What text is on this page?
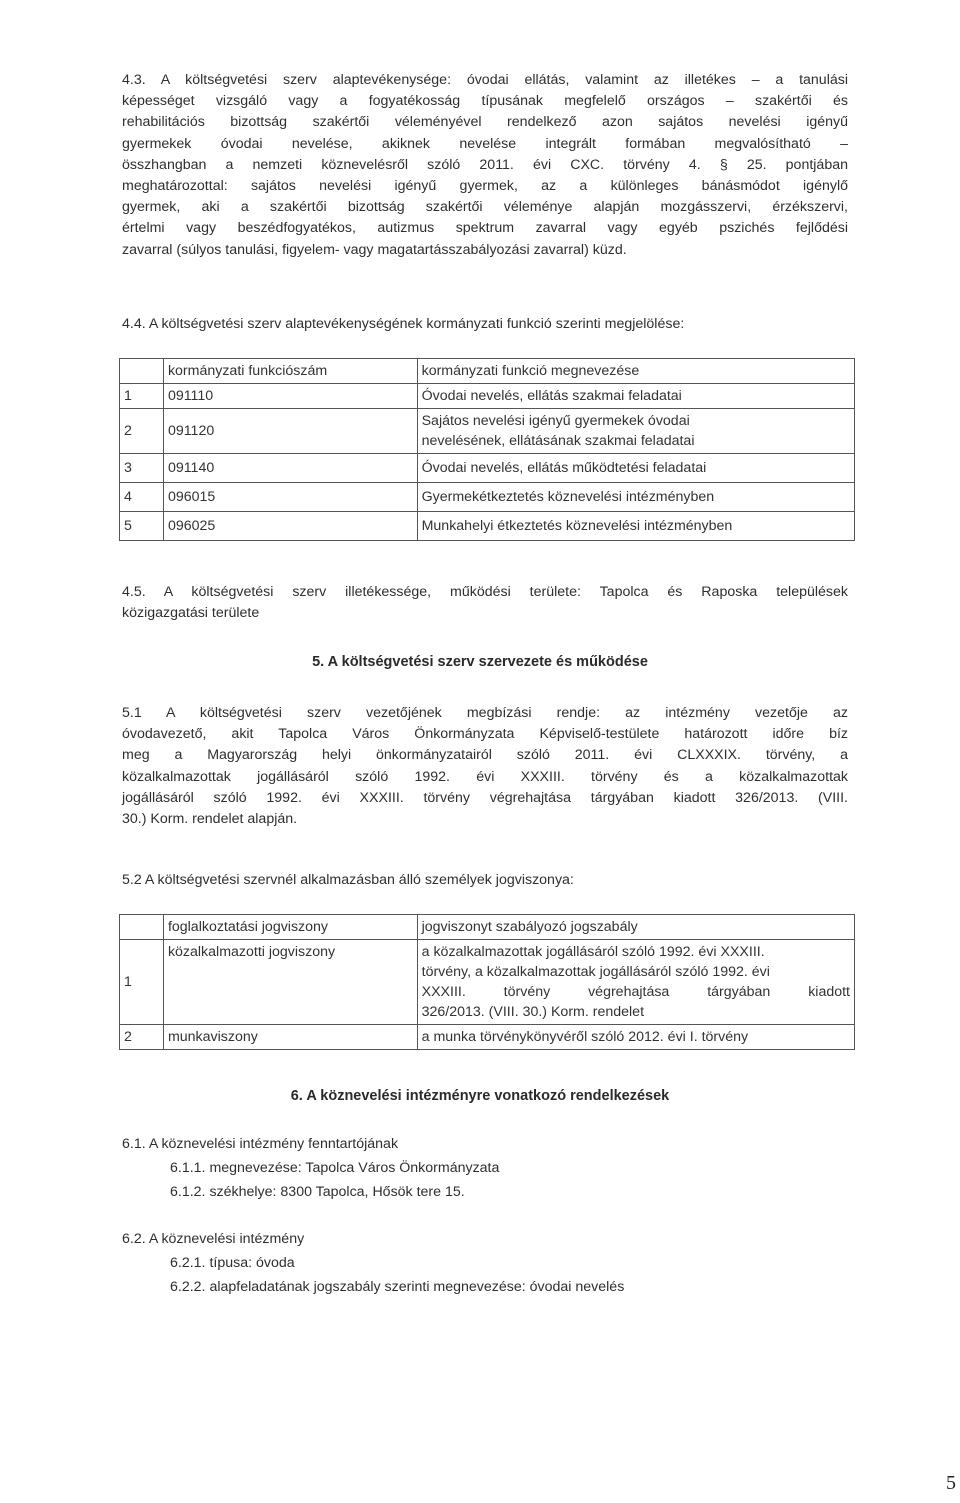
4.3. A költségvetési szerv alaptevékenysége: óvodai ellátás, valamint az illetékes – a tanulási
képességet vizsgáló vagy a fogyatékosság típusának megfelelő országos – szakértői és
rehabilitációs bizottság szakértői véleményével rendelkező azon sajátos nevelési igényű
gyermekek óvodai nevelése, akiknek nevelése integrált formában megvalósítható –
összhangban a nemzeti köznevelésről szóló 2011. évi CXC. törvény 4. § 25. pontjában
meghatározottal: sajátos nevelési igényű gyermek, az a különleges bánásmódot igénylő
gyermek, aki a szakértői bizottság szakértői véleménye alapján mozgásszervi, érzékszervi,
értelmi vagy beszédfogyatékos, autizmus spektrum zavarral vagy egyéb pszichés fejlődési
zavarral (súlyos tanulási, figyelem- vagy magatartásszabályozási zavarral) küzd.

4.4. A költségvetési szerv alaptevékenységének kormányzati funkció szerinti megjelölése:

	kormányzati funkciószám	kormányzati funkció megnevezése
1	091110	Óvodai nevelés, ellátás szakmai feladatai
2	091120	Sajátos nevelési igényű gyermekek óvodai
nevelésének, ellátásának szakmai feladatai

3	091140	Óvodai nevelés, ellátás működtetési feladatai
4	096015	Gyermekétkeztetés köznevelési intézményben
5	096025	Munkahelyi étkeztetés köznevelési intézményben
4.5. A költségvetési szerv illetékessége, működési területe: Tapolca és Raposka települések
közigazgatási területe

5. A költségvetési szerv szervezete és működése

5.1 A költségvetési szerv vezetőjének megbízási rendje: az intézmény vezetője az
óvodavezető, akit Tapolca Város Önkormányzata Képviselő-testülete határozott időre bíz
meg a Magyarország helyi önkormányzatairól szóló 2011. évi CLXXXIX. törvény, a
közalkalmazottak jogállásáról szóló 1992. évi XXXIII. törvény és a közalkalmazottak
jogállásáról szóló 1992. évi XXXIII. törvény végrehajtása tárgyában kiadott 326/2013. (VIII.
30.) Korm. rendelet alapján.

5.2 A költségvetési szervnél alkalmazásban álló személyek jogviszonya:

	foglalkoztatási jogviszony	jogviszonyt szabályozó jogszabály
1	közalkalmazotti jogviszony	a közalkalmazottak jogállásáról szóló 1992. évi XXXIII.
törvény, a közalkalmazottak jogállásáról szóló 1992. évi
XXXIII. törvény végrehajtása tárgyában kiadott
326/2013. (VIII. 30.) Korm. rendelet

2	munkaviszony	a munka törvénykönyvéről szóló 2012. évi I. törvény

6. A köznevelési intézményre vonatkozó rendelkezések

6.1. A köznevelési intézmény fenntartójának

6.1.1. megnevezése: Tapolca Város Önkormányzata

6.1.2. székhelye: 8300 Tapolca, Hősök tere 15.

6.2. A köznevelési intézmény

6.2.1. típusa: óvoda

6.2.2. alapfeladatának jogszabály szerinti megnevezése: óvodai nevelés

5
